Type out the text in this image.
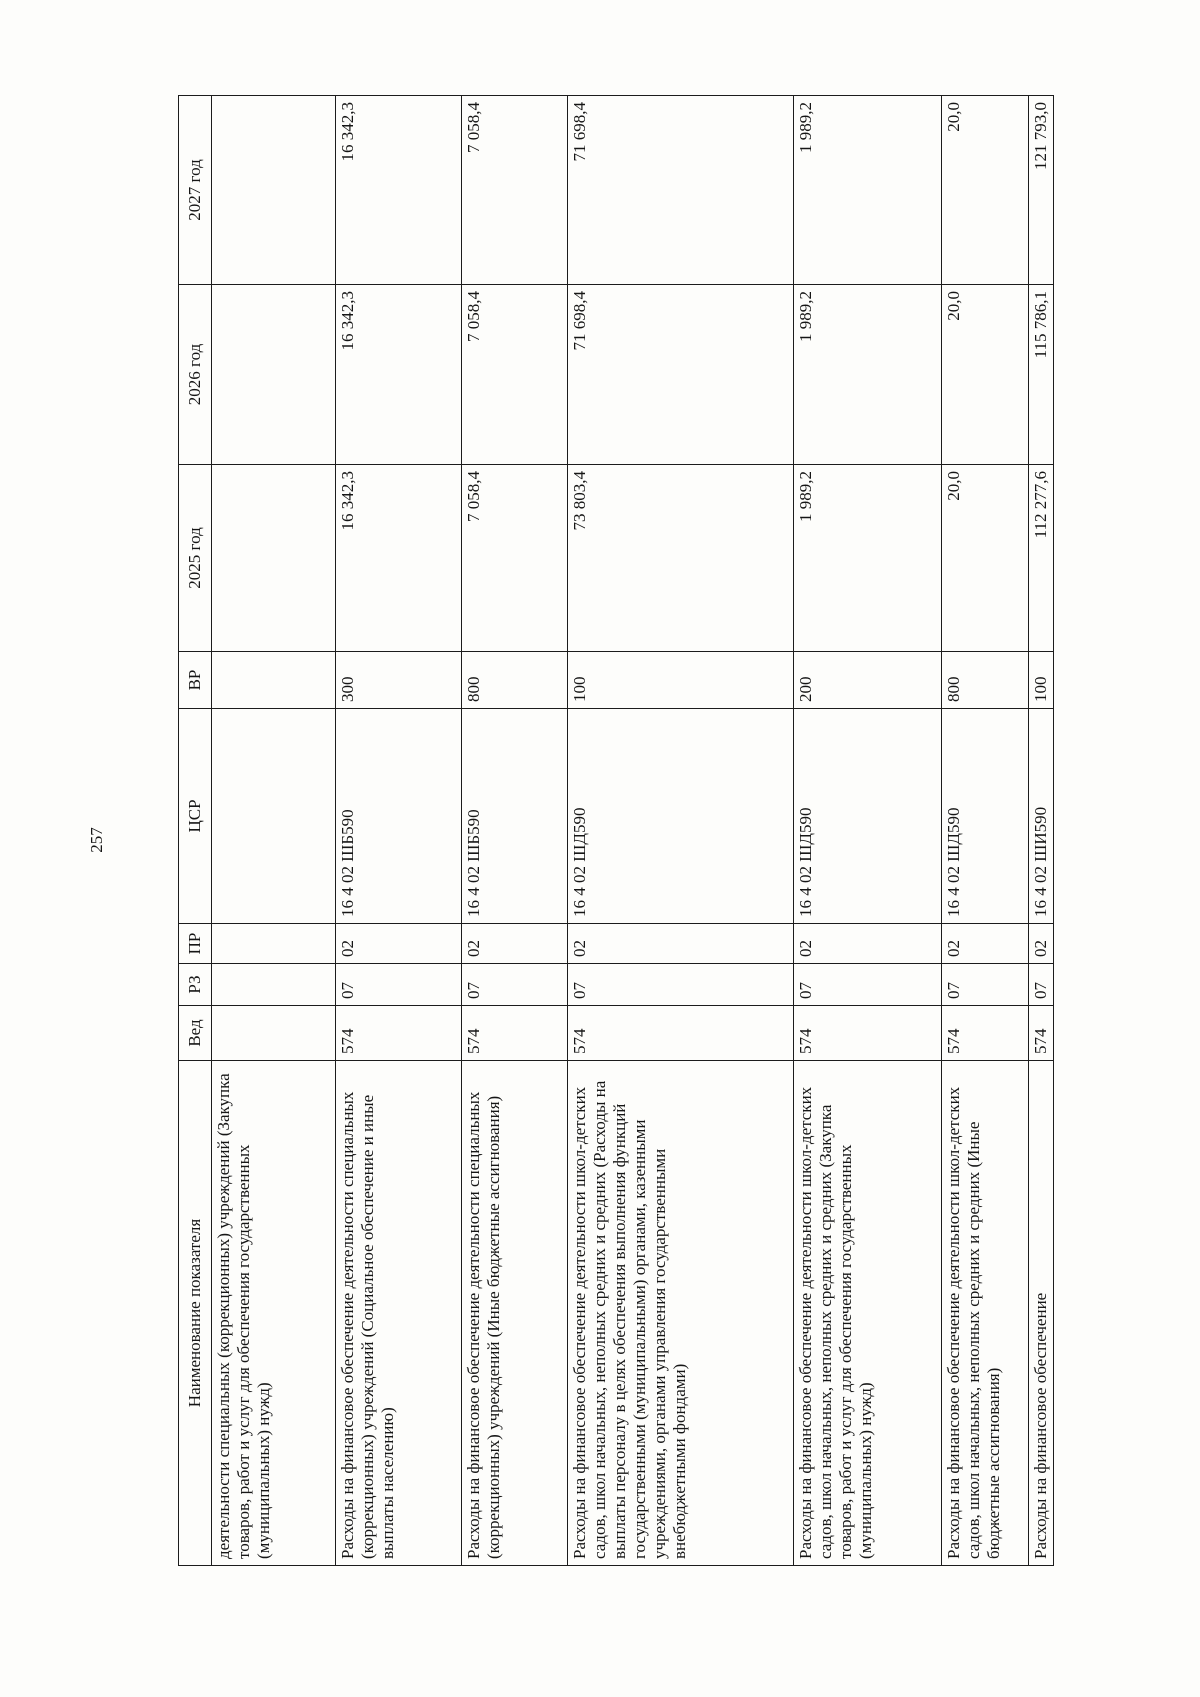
257
Наименование показателя	Вед	РЗ	ПР	ЦСР	ВР	2025 год	2026 год	2027 год
деятельности специальных (коррекционных) учреждений (Закупка товаров, работ и услуг для обеспечения государственных (муниципальных) нужд)								
Расходы на финансовое обеспечение деятельности специальных (коррекционных) учреждений (Социальное обеспечение и иные выплаты населению)	574	07	02	16 4 02 ШБ590	300	16 342,3	16 342,3	16 342,3
Расходы на финансовое обеспечение деятельности специальных (коррекционных) учреждений (Иные бюджетные ассигнования)	574	07	02	16 4 02 ШБ590	800	7 058,4	7 058,4	7 058,4
Расходы на финансовое обеспечение деятельности школ-детских садов, школ начальных, неполных средних и средних (Расходы на выплаты персоналу в целях обеспечения выполнения функций государственными (муниципальными) органами, казенными учреждениями, органами управления государственными внебюджетными фондами)	574	07	02	16 4 02 ШД590	100	73 803,4	71 698,4	71 698,4
Расходы на финансовое обеспечение деятельности школ-детских садов, школ начальных, неполных средних и средних (Закупка товаров, работ и услуг для обеспечения государственных (муниципальных) нужд)	574	07	02	16 4 02 ШД590	200	1 989,2	1 989,2	1 989,2
Расходы на финансовое обеспечение деятельности школ-детских садов, школ начальных, неполных средних и средних (Иные бюджетные ассигнования)	574	07	02	16 4 02 ШД590	800	20,0	20,0	20,0
Расходы на финансовое обеспечение	574	07	02	16 4 02 ШИ590	100	112 277,6	115 786,1	121 793,0
